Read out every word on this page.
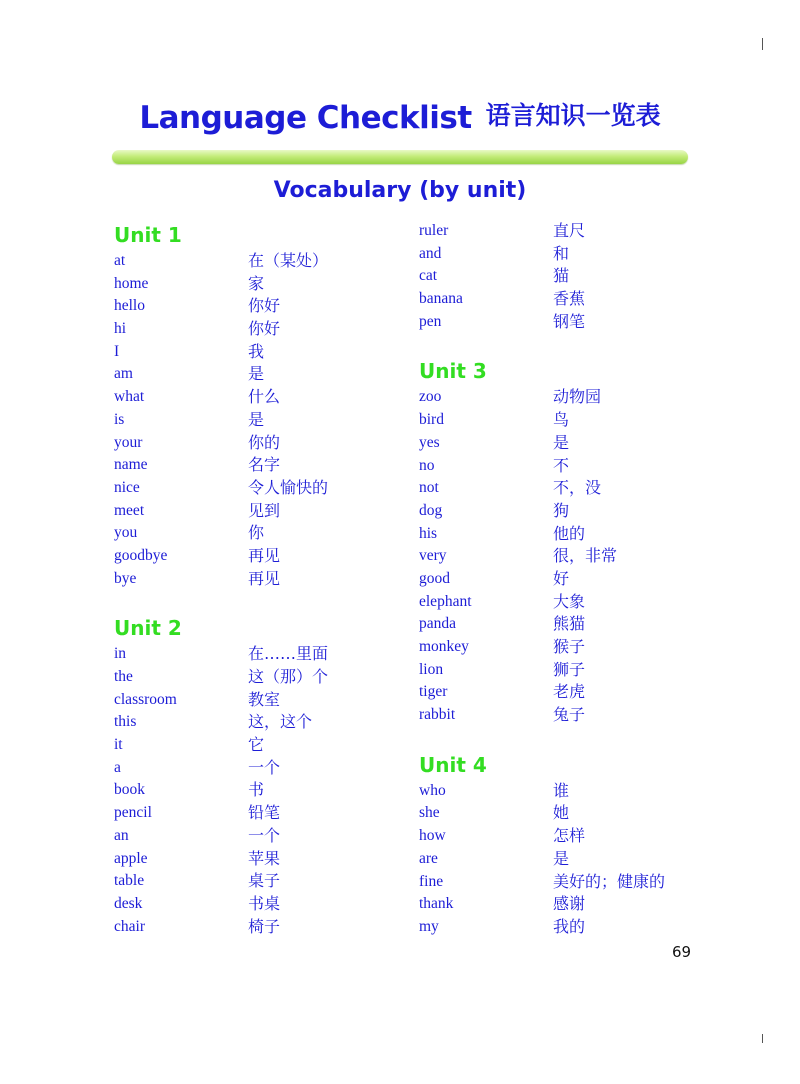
Language Checklist 语言知识一览表
Vocabulary (by unit)
Unit 1
at	在（某处）
home	家
hello	你好
hi	你好
I	我
am	是
what	什么
is	是
your	你的
name	名字
nice	令人愉快的
meet	见到
you	你
goodbye	再见
bye	再见
Unit 2
in	在……里面
the	这（那）个
classroom	教室
this	这，这个
it	它
a	一个
book	书
pencil	铅笔
an	一个
apple	苹果
table	桌子
desk	书桌
chair	椅子
ruler	直尺
and	和
cat	猫
banana	香蕉
pen	钢笔
Unit 3
zoo	动物园
bird	鸟
yes	是
no	不
not	不，没
dog	狗
his	他的
very	很，非常
good	好
elephant	大象
panda	熊猫
monkey	猴子
lion	狮子
tiger	老虎
rabbit	兔子
Unit 4
who	谁
she	她
how	怎样
are	是
fine	美好的；健康的
thank	感谢
my	我的
69
